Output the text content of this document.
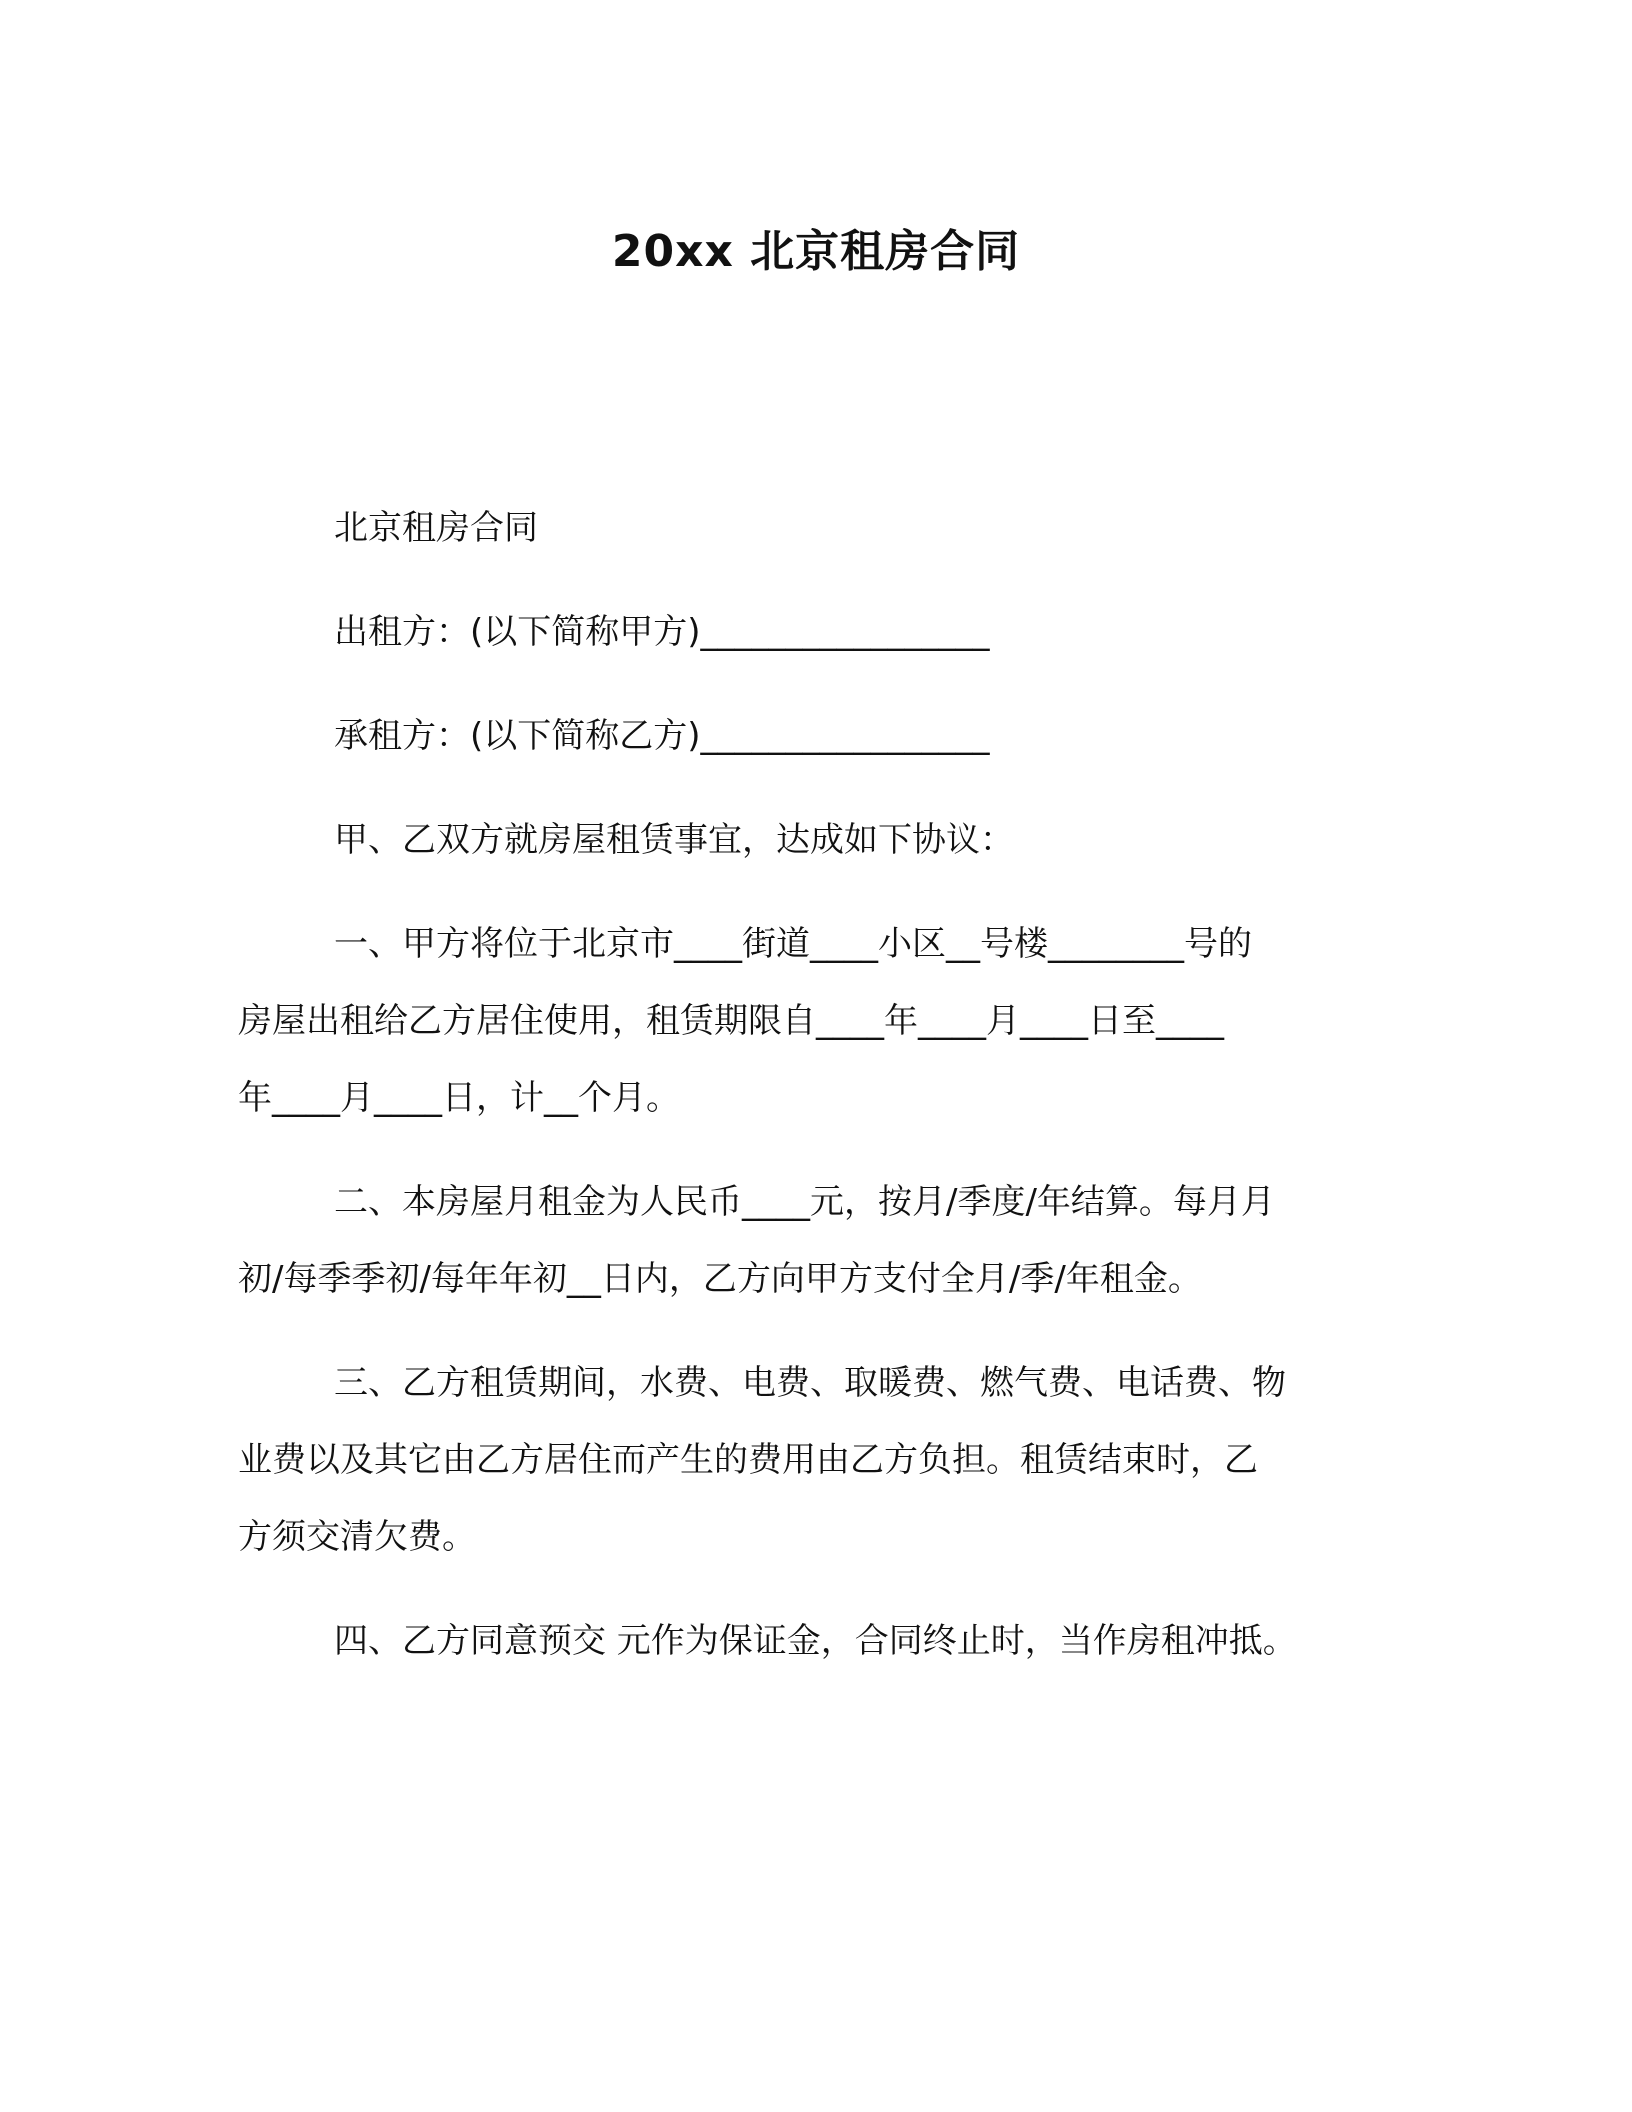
20xx 北京租房合同

北京租房合同

出租方：(以下简称甲方)_________________

承租方：(以下简称乙方)_________________

甲、乙双方就房屋租赁事宜，达成如下协议：

一、甲方将位于北京市____街道____小区__号楼________号的
房屋出租给乙方居住使用，租赁期限自____年____月____日至____
年____月____日，计__个月。

二、本房屋月租金为人民币____元，按月/季度/年结算。每月月
初/每季季初/每年年初__日内，乙方向甲方支付全月/季/年租金。

三、乙方租赁期间，水费、电费、取暖费、燃气费、电话费、物
业费以及其它由乙方居住而产生的费用由乙方负担。租赁结束时，乙
方须交清欠费。

四、乙方同意预交 元作为保证金，合同终止时，当作房租冲抵。
